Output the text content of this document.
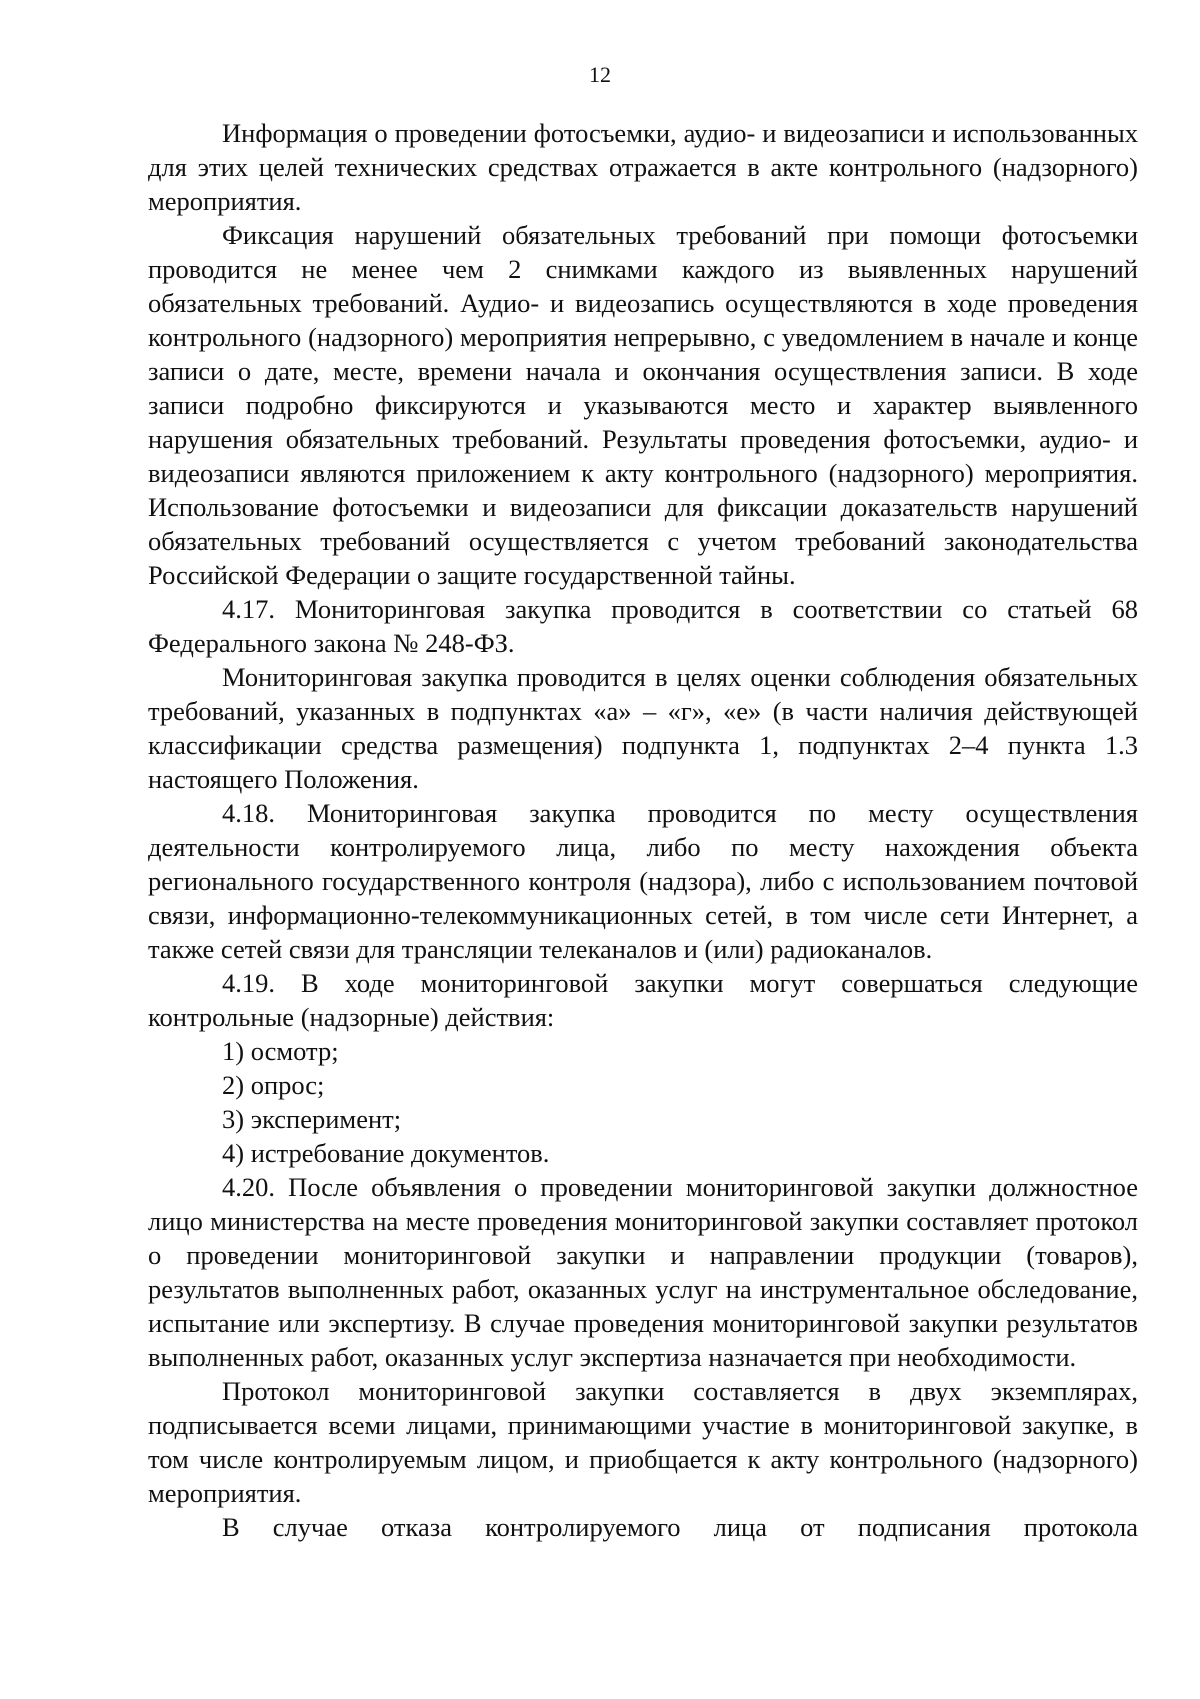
12

Информация о проведении фотосъемки, аудио- и видеозаписи и использованных для этих целей технических средствах отражается в акте контрольного (надзорного) мероприятия.

Фиксация нарушений обязательных требований при помощи фотосъемки проводится не менее чем 2 снимками каждого из выявленных нарушений обязательных требований. Аудио- и видеозапись осуществляются в ходе проведения контрольного (надзорного) мероприятия непрерывно, с уведомлением в начале и конце записи о дате, месте, времени начала и окончания осуществления записи. В ходе записи подробно фиксируются и указываются место и характер выявленного нарушения обязательных требований. Результаты проведения фотосъемки, аудио- и видеозаписи являются приложением к акту контрольного (надзорного) мероприятия. Использование фотосъемки и видеозаписи для фиксации доказательств нарушений обязательных требований осуществляется с учетом требований законодательства Российской Федерации о защите государственной тайны.

4.17. Мониторинговая закупка проводится в соответствии со статьей 68 Федерального закона № 248-ФЗ.

Мониторинговая закупка проводится в целях оценки соблюдения обязательных требований, указанных в подпунктах «а» – «г», «е» (в части наличия действующей классификации средства размещения) подпункта 1, подпунктах 2–4 пункта 1.3 настоящего Положения.

4.18. Мониторинговая закупка проводится по месту осуществления деятельности контролируемого лица, либо по месту нахождения объекта регионального государственного контроля (надзора), либо с использованием почтовой связи, информационно-телекоммуникационных сетей, в том числе сети Интернет, а также сетей связи для трансляции телеканалов и (или) радиоканалов.

4.19. В ходе мониторинговой закупки могут совершаться следующие контрольные (надзорные) действия:

1) осмотр;

2) опрос;

3) эксперимент;

4) истребование документов.

4.20. После объявления о проведении мониторинговой закупки должностное лицо министерства на месте проведения мониторинговой закупки составляет протокол о проведении мониторинговой закупки и направлении продукции (товаров), результатов выполненных работ, оказанных услуг на инструментальное обследование, испытание или экспертизу. В случае проведения мониторинговой закупки результатов выполненных работ, оказанных услуг экспертиза назначается при необходимости.

Протокол мониторинговой закупки составляется в двух экземплярах, подписывается всеми лицами, принимающими участие в мониторинговой закупке, в том числе контролируемым лицом, и приобщается к акту контрольного (надзорного) мероприятия.

В случае отказа контролируемого лица от подписания протокола
